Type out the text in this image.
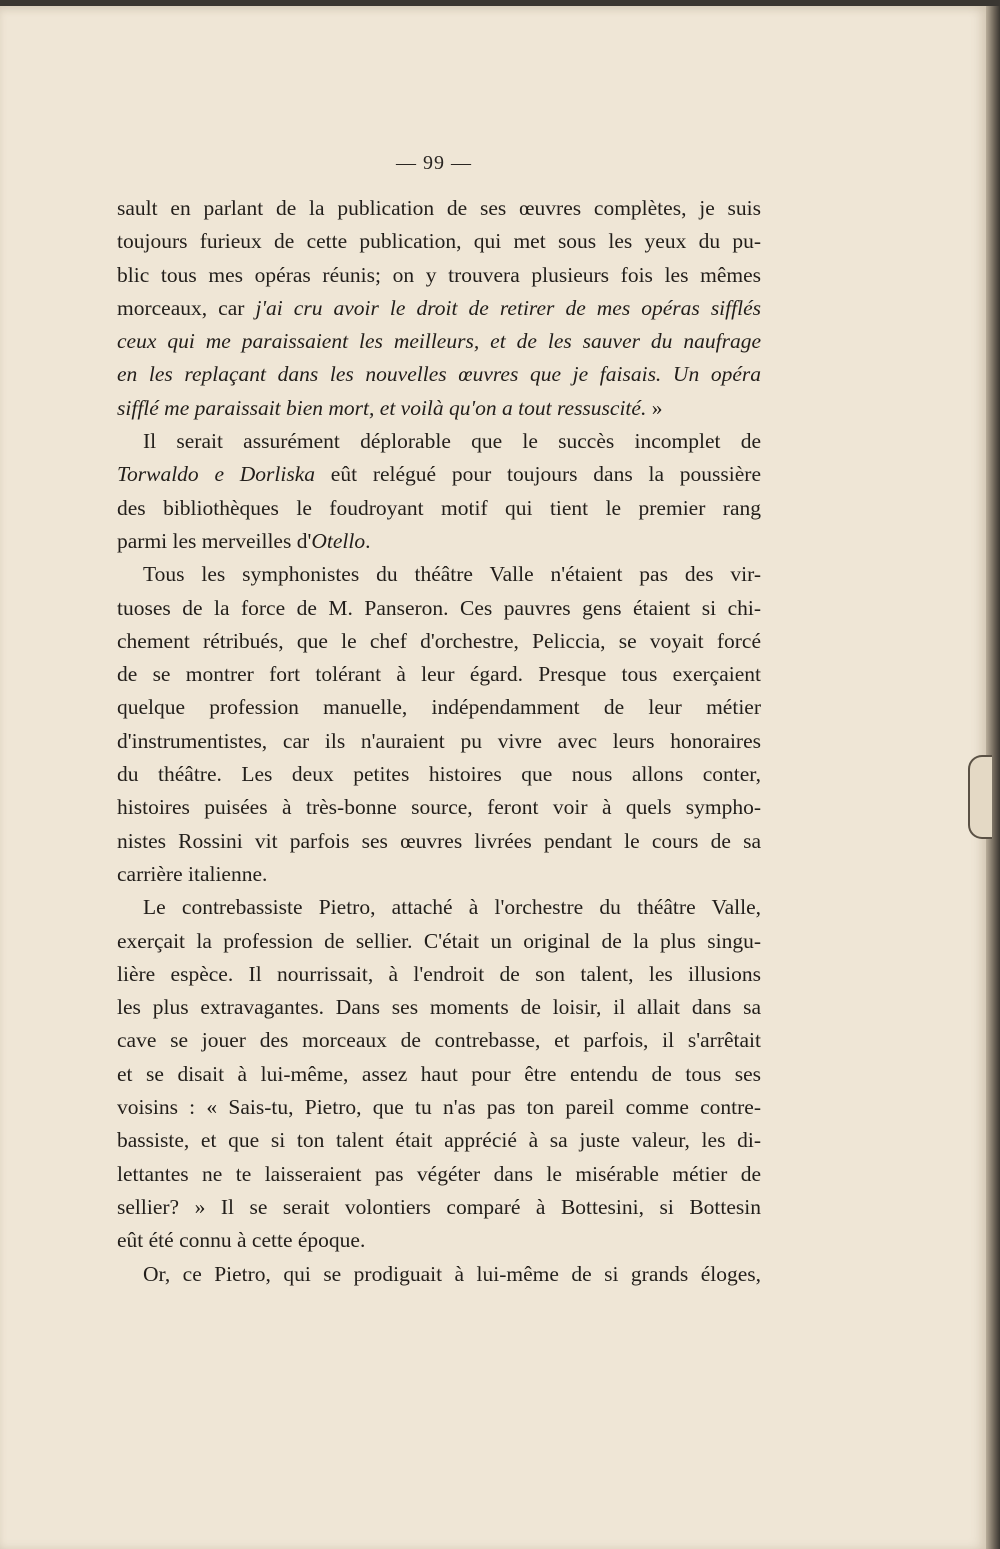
— 99 —

sault en parlant de la publication de ses œuvres complètes, je suis

toujours furieux de cette publication, qui met sous les yeux du pu-

blic tous mes opéras réunis; on y trouvera plusieurs fois les mêmes

morceaux, car j'ai cru avoir le droit de retirer de mes opéras sifflés

ceux qui me paraissaient les meilleurs, et de les sauver du naufrage

en les replaçant dans les nouvelles œuvres que je faisais. Un opéra

sifflé me paraissait bien mort, et voilà qu'on a tout ressuscité. »

Il serait assurément déplorable que le succès incomplet de

Torwaldo e Dorliska eût relégué pour toujours dans la poussière

des bibliothèques le foudroyant motif qui tient le premier rang

parmi les merveilles d'Otello.

Tous les symphonistes du théâtre Valle n'étaient pas des vir-

tuoses de la force de M. Panseron. Ces pauvres gens étaient si chi-

chement rétribués, que le chef d'orchestre, Peliccia, se voyait forcé

de se montrer fort tolérant à leur égard. Presque tous exerçaient

quelque profession manuelle, indépendamment de leur métier

d'instrumentistes, car ils n'auraient pu vivre avec leurs honoraires

du théâtre. Les deux petites histoires que nous allons conter,

histoires puisées à très-bonne source, feront voir à quels sympho-

nistes Rossini vit parfois ses œuvres livrées pendant le cours de sa

carrière italienne.

Le contrebassiste Pietro, attaché à l'orchestre du théâtre Valle,

exerçait la profession de sellier. C'était un original de la plus singu-

lière espèce. Il nourrissait, à l'endroit de son talent, les illusions

les plus extravagantes. Dans ses moments de loisir, il allait dans sa

cave se jouer des morceaux de contrebasse, et parfois, il s'arrêtait

et se disait à lui-même, assez haut pour être entendu de tous ses

voisins : « Sais-tu, Pietro, que tu n'as pas ton pareil comme contre-

bassiste, et que si ton talent était apprécié à sa juste valeur, les di-

lettantes ne te laisseraient pas végéter dans le misérable métier de

sellier? » Il se serait volontiers comparé à Bottesini, si Bottesin

eût été connu à cette époque.

Or, ce Pietro, qui se prodiguait à lui-même de si grands éloges,
